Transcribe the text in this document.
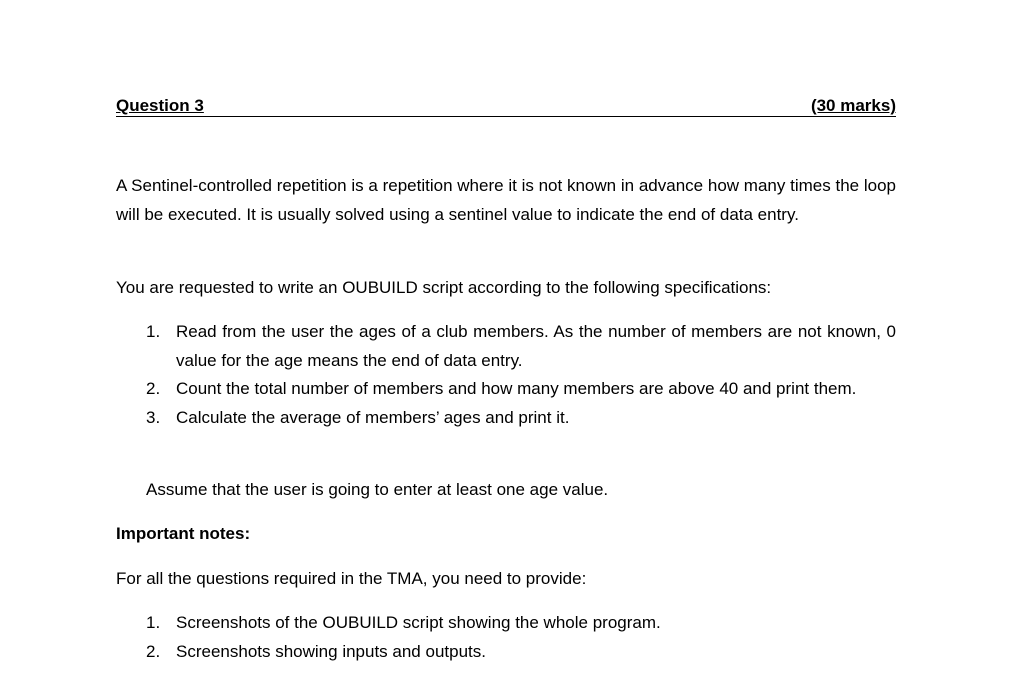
Question 3	(30 marks)
A Sentinel-controlled repetition is a repetition where it is not known in advance how many times the loop will be executed. It is usually solved using a sentinel value to indicate the end of data entry.
You are requested to write an OUBUILD script according to the following specifications:
1. Read from the user the ages of a club members. As the number of members are not known, 0 value for the age means the end of data entry.
2. Count the total number of members and how many members are above 40 and print them.
3. Calculate the average of members’ ages and print it.
Assume that the user is going to enter at least one age value.
Important notes:
For all the questions required in the TMA, you need to provide:
1. Screenshots of the OUBUILD script showing the whole program.
2. Screenshots showing inputs and outputs.
